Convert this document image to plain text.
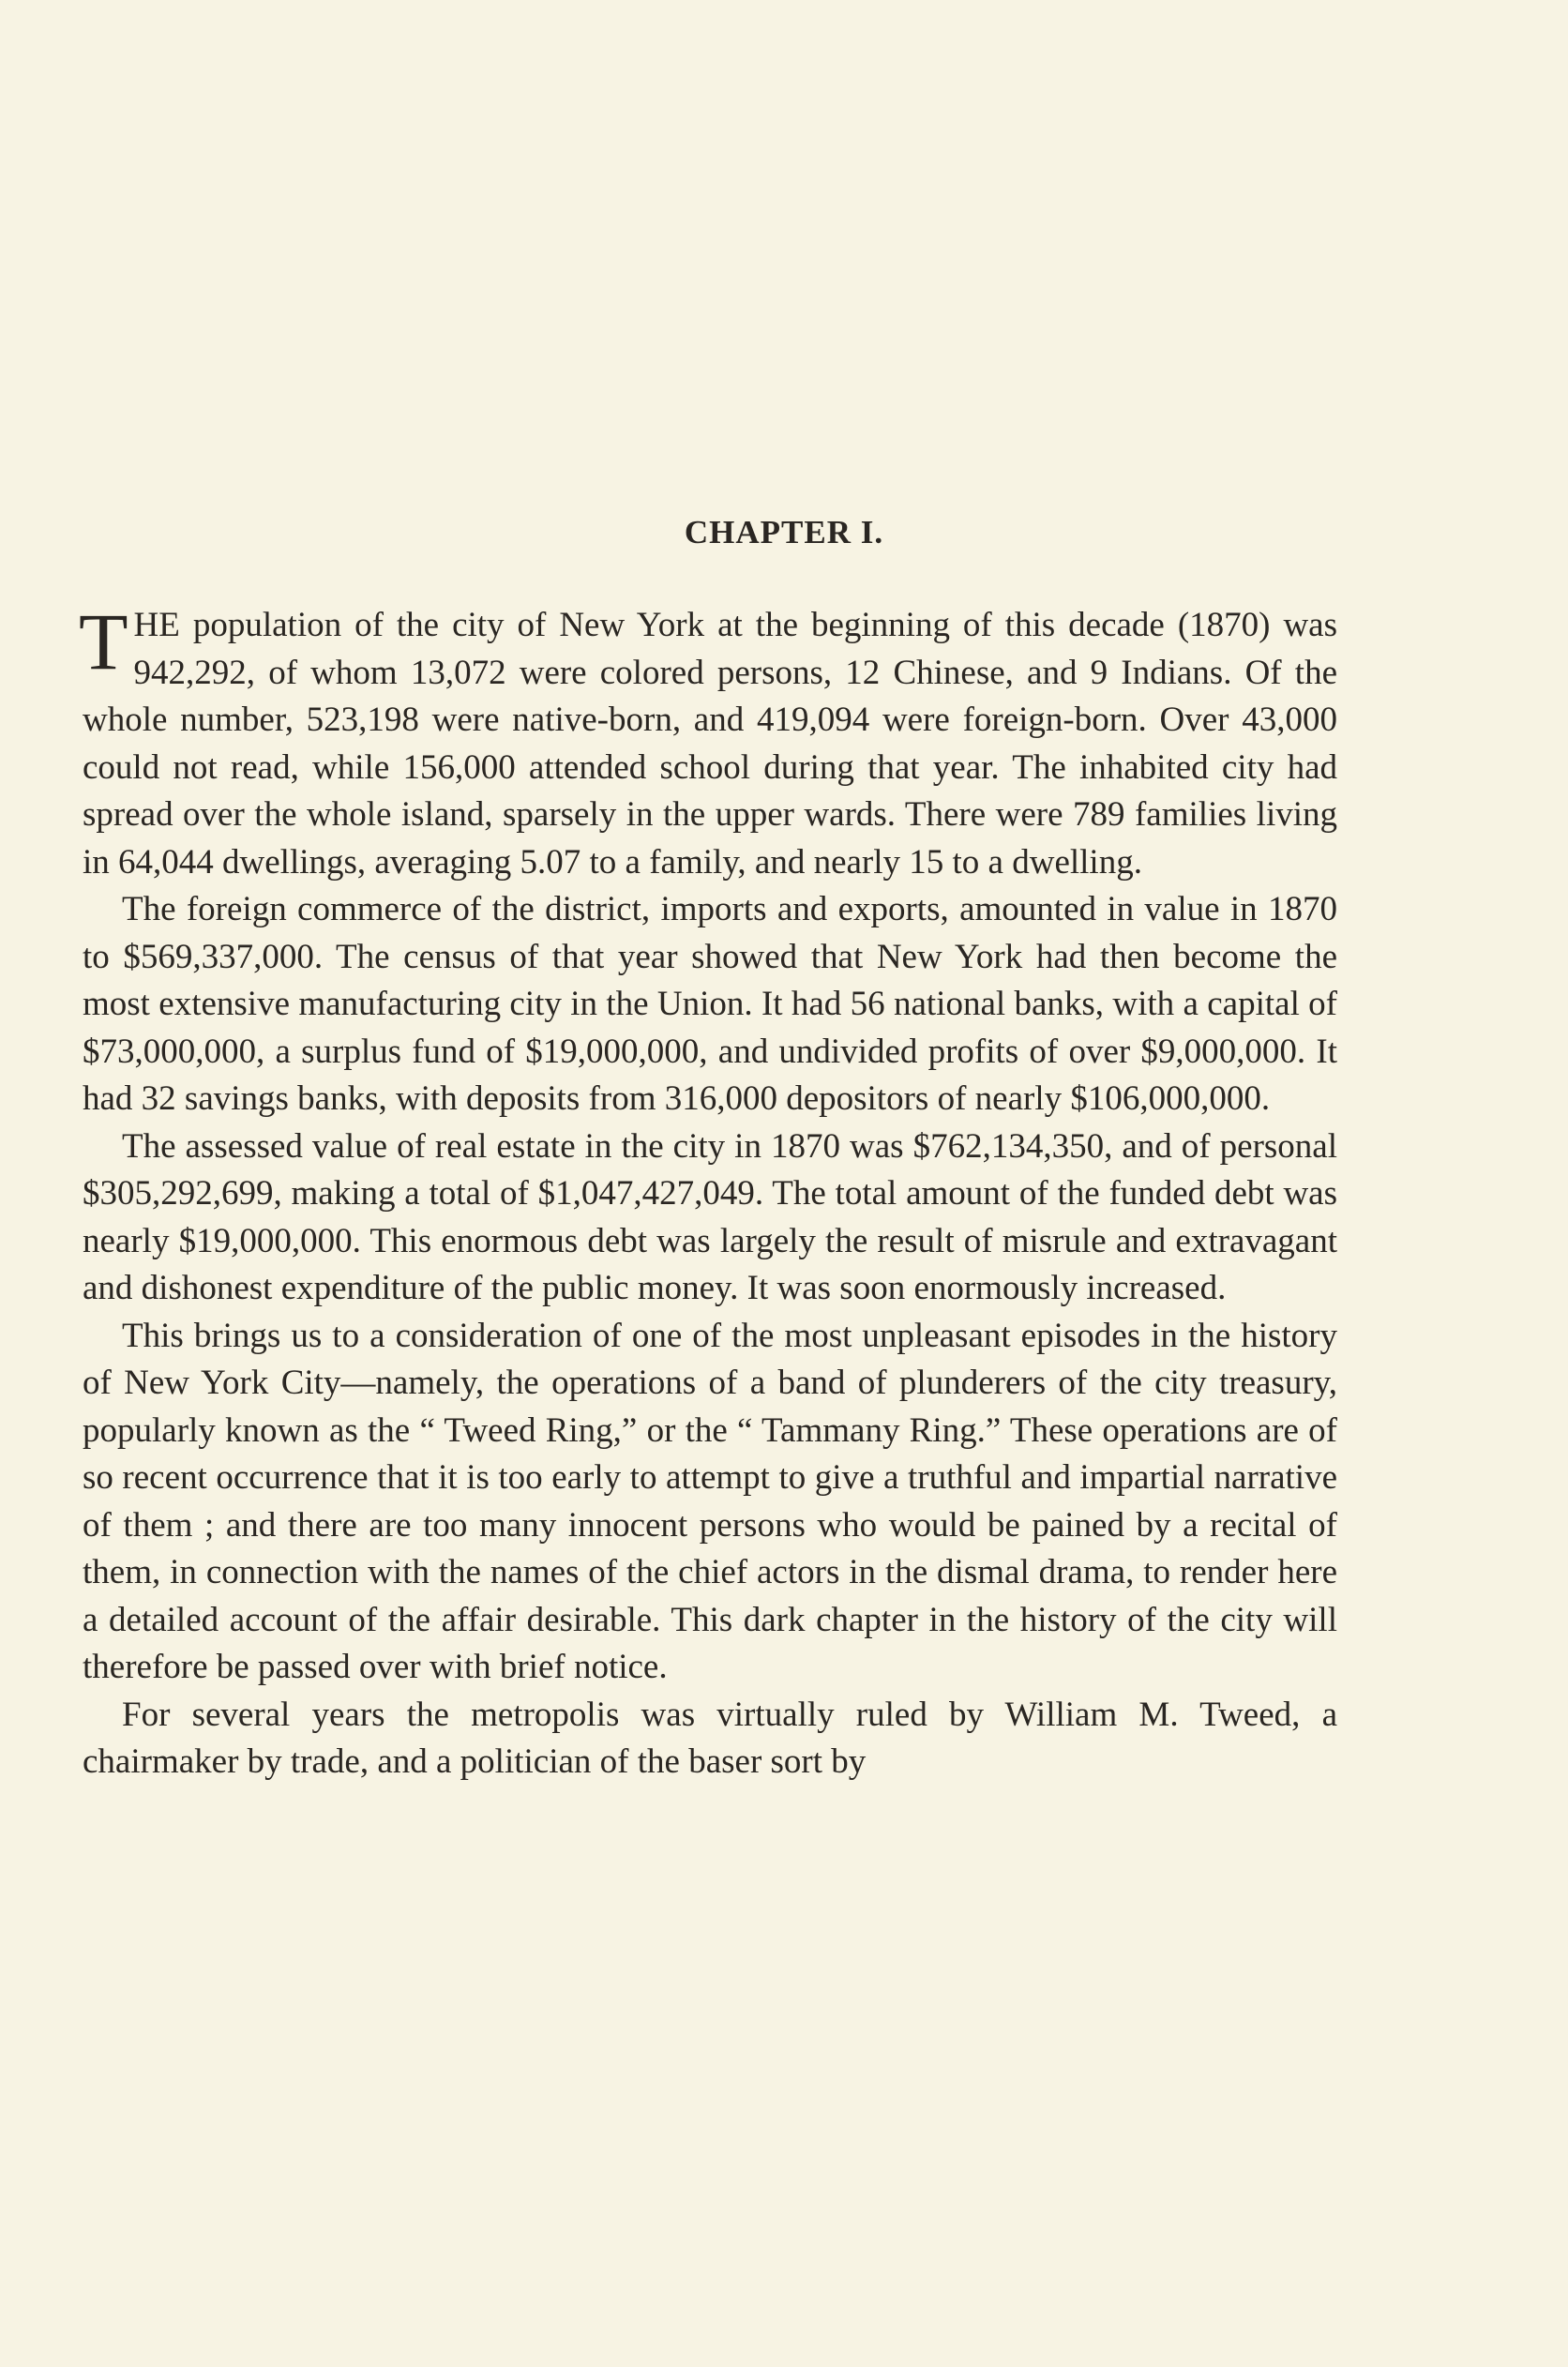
CHAPTER I.

THE population of the city of New York at the beginning of this decade (1870) was 942,292, of whom 13,072 were colored persons, 12 Chinese, and 9 Indians. Of the whole number, 523,198 were native-born, and 419,094 were foreign-born. Over 43,000 could not read, while 156,000 attended school during that year. The inhabited city had spread over the whole island, sparsely in the upper wards. There were 789 families living in 64,044 dwellings, averaging 5.07 to a family, and nearly 15 to a dwelling.

The foreign commerce of the district, imports and exports, amounted in value in 1870 to $569,337,000. The census of that year showed that New York had then become the most extensive manufacturing city in the Union. It had 56 national banks, with a capital of $73,000,000, a surplus fund of $19,000,000, and undivided profits of over $9,000,000. It had 32 savings banks, with deposits from 316,000 depositors of nearly $106,000,000.

The assessed value of real estate in the city in 1870 was $762,134,350, and of personal $305,292,699, making a total of $1,047,427,049. The total amount of the funded debt was nearly $19,000,000. This enormous debt was largely the result of misrule and extravagant and dishonest expenditure of the public money. It was soon enormously increased.

This brings us to a consideration of one of the most unpleasant episodes in the history of New York City—namely, the operations of a band of plunderers of the city treasury, popularly known as the “ Tweed Ring,” or the “ Tammany Ring.” These operations are of so recent occurrence that it is too early to attempt to give a truthful and impartial narrative of them ; and there are too many innocent persons who would be pained by a recital of them, in connection with the names of the chief actors in the dismal drama, to render here a detailed account of the affair desirable. This dark chapter in the history of the city will therefore be passed over with brief notice.

For several years the metropolis was virtually ruled by William M. Tweed, a chairmaker by trade, and a politician of the baser sort by
